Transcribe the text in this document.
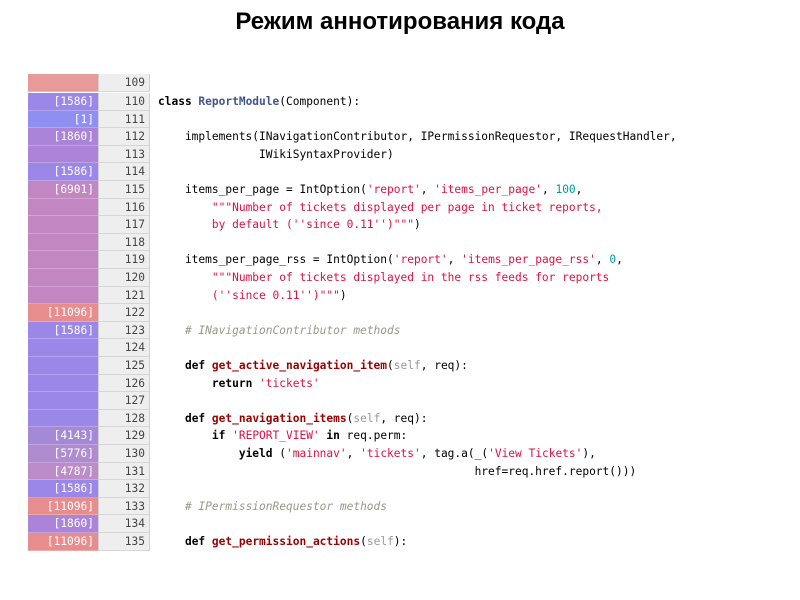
Режим аннотирования кода
109
[1586]	110	class ReportModule(Component):
[1]	111
[1860]	112	implements(INavigationContributor, IPermissionRequestor, IRequestHandler,
113	IWikiSyntaxProvider)
[1586]	114
[6901]	115	items_per_page = IntOption('report', 'items_per_page', 100,
116	"""Number of tickets displayed per page in ticket reports,
117	by default (''since 0.11'')""")
118
119	items_per_page_rss = IntOption('report', 'items_per_page_rss', 0,
120	"""Number of tickets displayed in the rss feeds for reports
121	(''since 0.11'')""")
[11096]	122
[1586]	123	# INavigationContributor methods
124
125	def get_active_navigation_item(self, req):
126	return 'tickets'
127
128	def get_navigation_items(self, req):
[4143]	129	if 'REPORT_VIEW' in req.perm:
[5776]	130	yield ('mainnav', 'tickets', tag.a(_('View Tickets'),
[4787]	131	href=req.href.report()))
[1586]	132
[11096]	133	# IPermissionRequestor methods
[1860]	134
[11096]	135	def get_permission_actions(self):
